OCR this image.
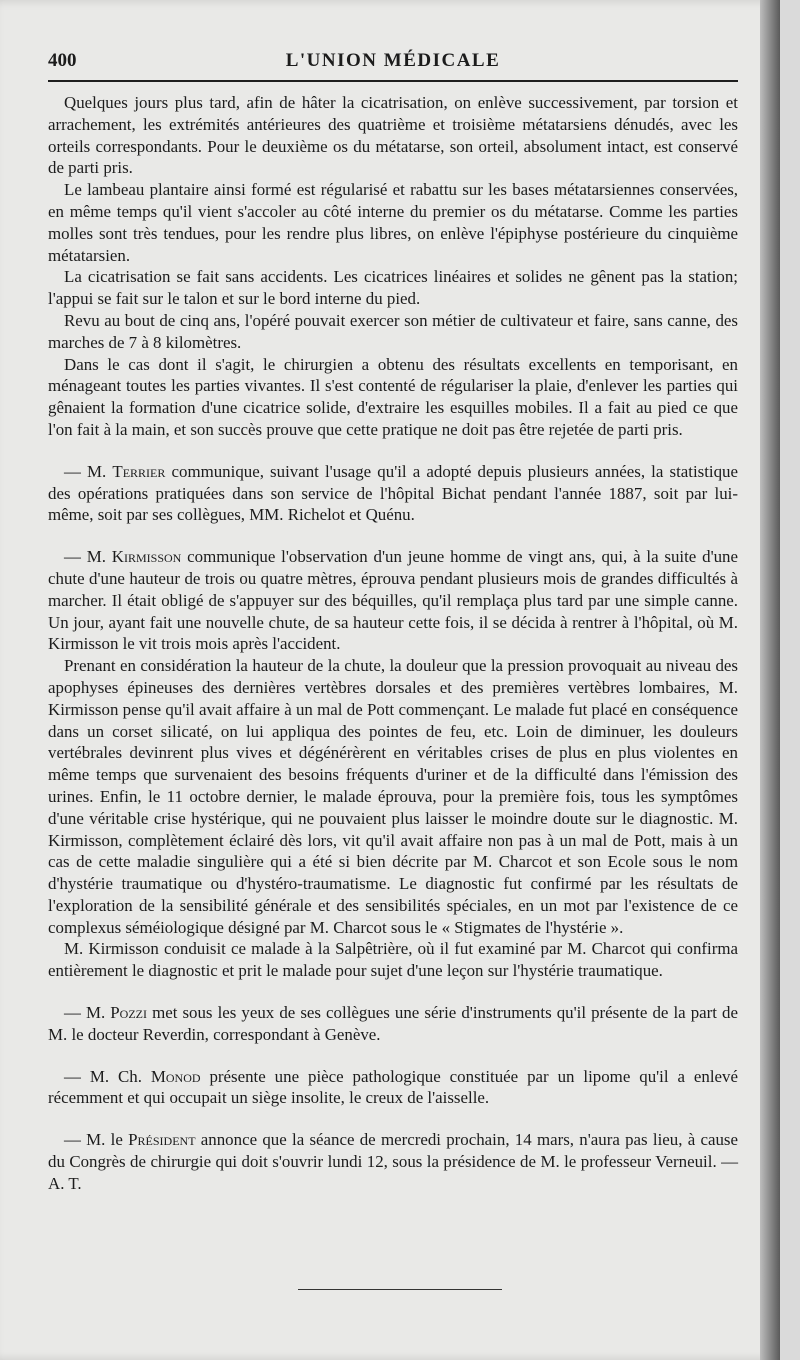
400	L'UNION MÉDICALE

Quelques jours plus tard, afin de hâter la cicatrisation, on enlève successivement, par torsion et arrachement, les extrémités antérieures des quatrième et troisième métatarsiens dénudés, avec les orteils correspondants. Pour le deuxième os du métatarse, son orteil, absolument intact, est conservé de parti pris.

Le lambeau plantaire ainsi formé est régularisé et rabattu sur les bases métatarsiennes conservées, en même temps qu'il vient s'accoler au côté interne du premier os du métatarse. Comme les parties molles sont très tendues, pour les rendre plus libres, on enlève l'épiphyse postérieure du cinquième métatarsien.

La cicatrisation se fait sans accidents. Les cicatrices linéaires et solides ne gênent pas la station; l'appui se fait sur le talon et sur le bord interne du pied.

Revu au bout de cinq ans, l'opéré pouvait exercer son métier de cultivateur et faire, sans canne, des marches de 7 à 8 kilomètres.

Dans le cas dont il s'agit, le chirurgien a obtenu des résultats excellents en temporisant, en ménageant toutes les parties vivantes. Il s'est contenté de régulariser la plaie, d'enlever les parties qui gênaient la formation d'une cicatrice solide, d'extraire les esquilles mobiles. Il a fait au pied ce que l'on fait à la main, et son succès prouve que cette pratique ne doit pas être rejetée de parti pris.

— M. Terrier communique, suivant l'usage qu'il a adopté depuis plusieurs années, la statistique des opérations pratiquées dans son service de l'hôpital Bichat pendant l'année 1887, soit par lui-même, soit par ses collègues, MM. Richelot et Quénu.

— M. Kirmisson communique l'observation d'un jeune homme de vingt ans, qui, à la suite d'une chute d'une hauteur de trois ou quatre mètres, éprouva pendant plusieurs mois de grandes difficultés à marcher. Il était obligé de s'appuyer sur des béquilles, qu'il remplaça plus tard par une simple canne. Un jour, ayant fait une nouvelle chute, de sa hauteur cette fois, il se décida à rentrer à l'hôpital, où M. Kirmisson le vit trois mois après l'accident.

Prenant en considération la hauteur de la chute, la douleur que la pression provoquait au niveau des apophyses épineuses des dernières vertèbres dorsales et des premières vertèbres lombaires, M. Kirmisson pense qu'il avait affaire à un mal de Pott commençant. Le malade fut placé en conséquence dans un corset silicaté, on lui appliqua des pointes de feu, etc. Loin de diminuer, les douleurs vertébrales devinrent plus vives et dégénérèrent en véritables crises de plus en plus violentes en même temps que survenaient des besoins fréquents d'uriner et de la difficulté dans l'émission des urines. Enfin, le 11 octobre dernier, le malade éprouva, pour la première fois, tous les symptômes d'une véritable crise hystérique, qui ne pouvaient plus laisser le moindre doute sur le diagnostic. M. Kirmisson, complètement éclairé dès lors, vit qu'il avait affaire non pas à un mal de Pott, mais à un cas de cette maladie singulière qui a été si bien décrite par M. Charcot et son Ecole sous le nom d'hystérie traumatique ou d'hystéro-traumatisme. Le diagnostic fut confirmé par les résultats de l'exploration de la sensibilité générale et des sensibilités spéciales, en un mot par l'existence de ce complexus séméiologique désigné par M. Charcot sous le « Stigmates de l'hystérie ».

M. Kirmisson conduisit ce malade à la Salpêtrière, où il fut examiné par M. Charcot qui confirma entièrement le diagnostic et prit le malade pour sujet d'une leçon sur l'hystérie traumatique.

— M. Pozzi met sous les yeux de ses collègues une série d'instruments qu'il présente de la part de M. le docteur Reverdin, correspondant à Genève.

— M. Ch. Monod présente une pièce pathologique constituée par un lipome qu'il a enlevé récemment et qui occupait un siège insolite, le creux de l'aisselle.

— M. le Président annonce que la séance de mercredi prochain, 14 mars, n'aura pas lieu, à cause du Congrès de chirurgie qui doit s'ouvrir lundi 12, sous la présidence de M. le professeur Verneuil. — A. T.
